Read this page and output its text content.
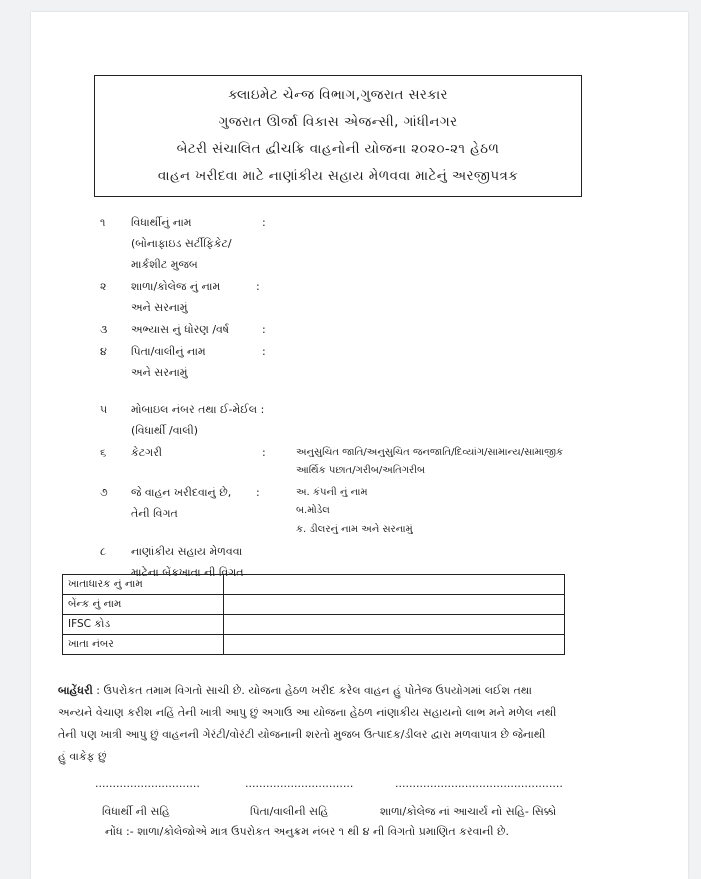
ક્લાઇમેટ ચેન્જ વિભાગ,ગુજરાત સરકાર
ગુજરાત ઊર્જા વિકાસ એજન્સી, ગાંધીનગર
બેટરી સંચાલિત દ્વીચક્રિ વાહનોની યોજના ૨૦૨૦-૨૧ હેઠળ
વાહન ખરીદવા માટે નાણાંકીય સહાય મેળવવા માટેનું અરજીપત્રક
૧ વિધાર્થીનું નામ	:
(બોનાફાઇડ સર્ટીફિકેટ/
માર્કશીટ મુજબ
૨ શાળા/કોલેજ નું નામ	:
અને સરનામું
૩ અભ્યાસ નું ધોરણ /વર્ષ	:
૪ પિતા/વાલીનું નામ	:
અને સરનામું
૫ મોબાઇલ નંબર તથા ઈ-મેઈલ :
(વિધાર્થી /વાલી)
૬ કેટગરી	:	અનુસુચિત જાતિ/અનુસુચિત જનજાતિ/દિવ્યાંગ/સામાન્ય/સામાજીક
આર્થિક પછાત/ગરીબ/અતિગરીબ
૭ જે વાહન ખરીદવાનું છે, :
તેની વિગત
અ. કંપની નું નામ
બ.મોડેલ
ક. ડીલરનું નામ અને સરનામું
૮ નાણાંકીય સહાય મેળવવા
માટેના બેંકખાતા ની વિગત
ખાતાધારક નું નામ	
બેંન્ક નું નામ	
IFSC કોડ	
ખાતા નંબર	
બાહેંધરી : ઉપરોકત તમામ વિગતો સાચી છે. યોજના હેઠળ ખરીદ કરેલ વાહન હું પોતેજ ઉપયોગમાં લઈશ તથા
અન્યને વેચાણ કરીશ નહિં તેની ખાત્રી આપુ છું અગાઉ આ યોજના હેઠળ નાંણાકીય સહાયનો લાભ મને મળેલ નથી
તેની પણ ખાત્રી આપુ છું વાહનની ગેરંટી/વોરંટી યોજનાની શરતો મુજબ ઉત્પાદક/ડીલર દ્વારા મળવાપાત્ર છે જેનાથી
હું વાકેફ છું
..............................	...............................	................................................
વિધાર્થી ની સહિ	પિતા/વાલીની સહિ	શાળા/કોલેજ નાં આચાર્ય નો સહિ- સિક્કો
નોંધ :- શાળા/કોલેજોએ માત્ર ઉપરોકત અનુક્રમ નંબર ૧ થી ૪ ની વિગતો પ્રમાણિત કરવાની છે.
